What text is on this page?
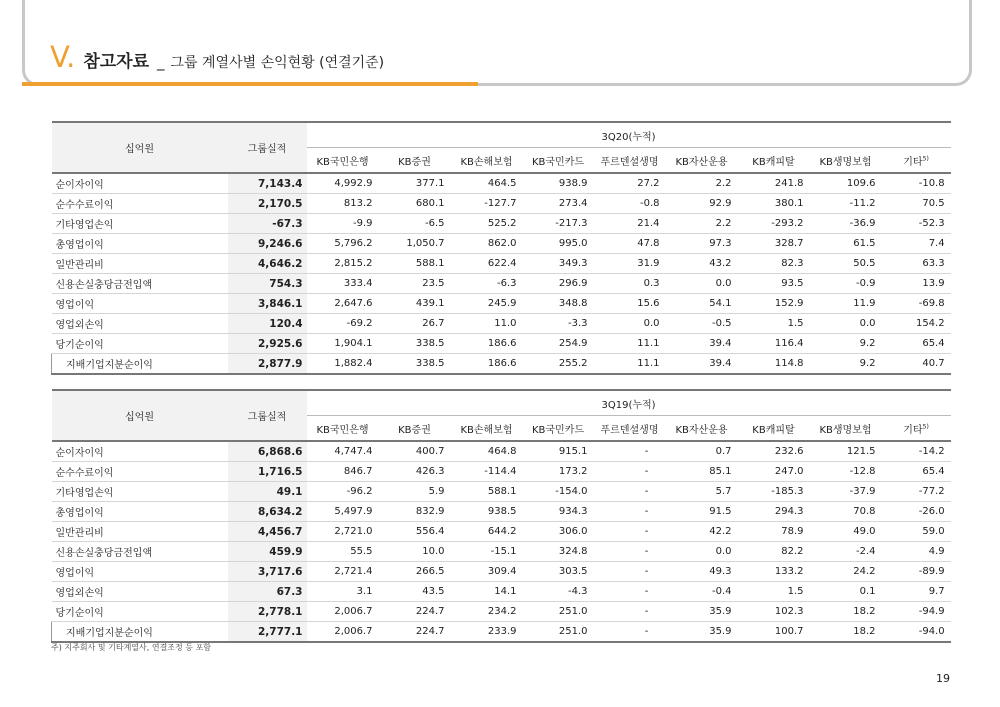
V. 참고자료 _ 그룹 계열사별 손익현황 (연결기준)
십억원	그룹실적	3Q20(누적)								
		KB국민은행	KB증권	KB손해보험	KB국민카드	푸르덴셜생명	KB자산운용	KB캐피탈	KB생명보험	기타$^{5)}$
순이자이익	7,143.4	4,992.9	377.1	464.5	938.9	27.2	2.2	241.8	109.6	-10.8
순수수료이익	2,170.5	813.2	680.1	-127.7	273.4	-0.8	92.9	380.1	-11.2	70.5
기타영업손익	-67.3	-9.9	-6.5	525.2	-217.3	21.4	2.2	-293.2	-36.9	-52.3
총영업이익	9,246.6	5,796.2	1,050.7	862.0	995.0	47.8	97.3	328.7	61.5	7.4
일반관리비	4,646.2	2,815.2	588.1	622.4	349.3	31.9	43.2	82.3	50.5	63.3
신용손실충당금전입액	754.3	333.4	23.5	-6.3	296.9	0.3	0.0	93.5	-0.9	13.9
영업이익	3,846.1	2,647.6	439.1	245.9	348.8	15.6	54.1	152.9	11.9	-69.8
영업외손익	120.4	-69.2	26.7	11.0	-3.3	0.0	-0.5	1.5	0.0	154.2
당기순이익	2,925.6	1,904.1	338.5	186.6	254.9	11.1	39.4	116.4	9.2	65.4
지배기업지분순이익	2,877.9	1,882.4	338.5	186.6	255.2	11.1	39.4	114.8	9.2	40.7
십억원	그룹실적	3Q19(누적)								
		KB국민은행	KB증권	KB손해보험	KB국민카드	푸르덴셜생명	KB자산운용	KB캐피탈	KB생명보험	기타$^{5)}$
순이자이익	6,868.6	4,747.4	400.7	464.8	915.1	-	0.7	232.6	121.5	-14.2
순수수료이익	1,716.5	846.7	426.3	-114.4	173.2	-	85.1	247.0	-12.8	65.4
기타영업손익	49.1	-96.2	5.9	588.1	-154.0	-	5.7	-185.3	-37.9	-77.2
총영업이익	8,634.2	5,497.9	832.9	938.5	934.3	-	91.5	294.3	70.8	-26.0
일반관리비	4,456.7	2,721.0	556.4	644.2	306.0	-	42.2	78.9	49.0	59.0
신용손실충당금전입액	459.9	55.5	10.0	-15.1	324.8	-	0.0	82.2	-2.4	4.9
영업이익	3,717.6	2,721.4	266.5	309.4	303.5	-	49.3	133.2	24.2	-89.9
영업외손익	67.3	3.1	43.5	14.1	-4.3	-	-0.4	1.5	0.1	9.7
당기순이익	2,778.1	2,006.7	224.7	234.2	251.0	-	35.9	102.3	18.2	-94.9
지배기업지분순이익	2,777.1	2,006.7	224.7	233.9	251.0	-	35.9	100.7	18.2	-94.0
주) 지주회사 및 기타계열사, 연결조정 등 포함
19
